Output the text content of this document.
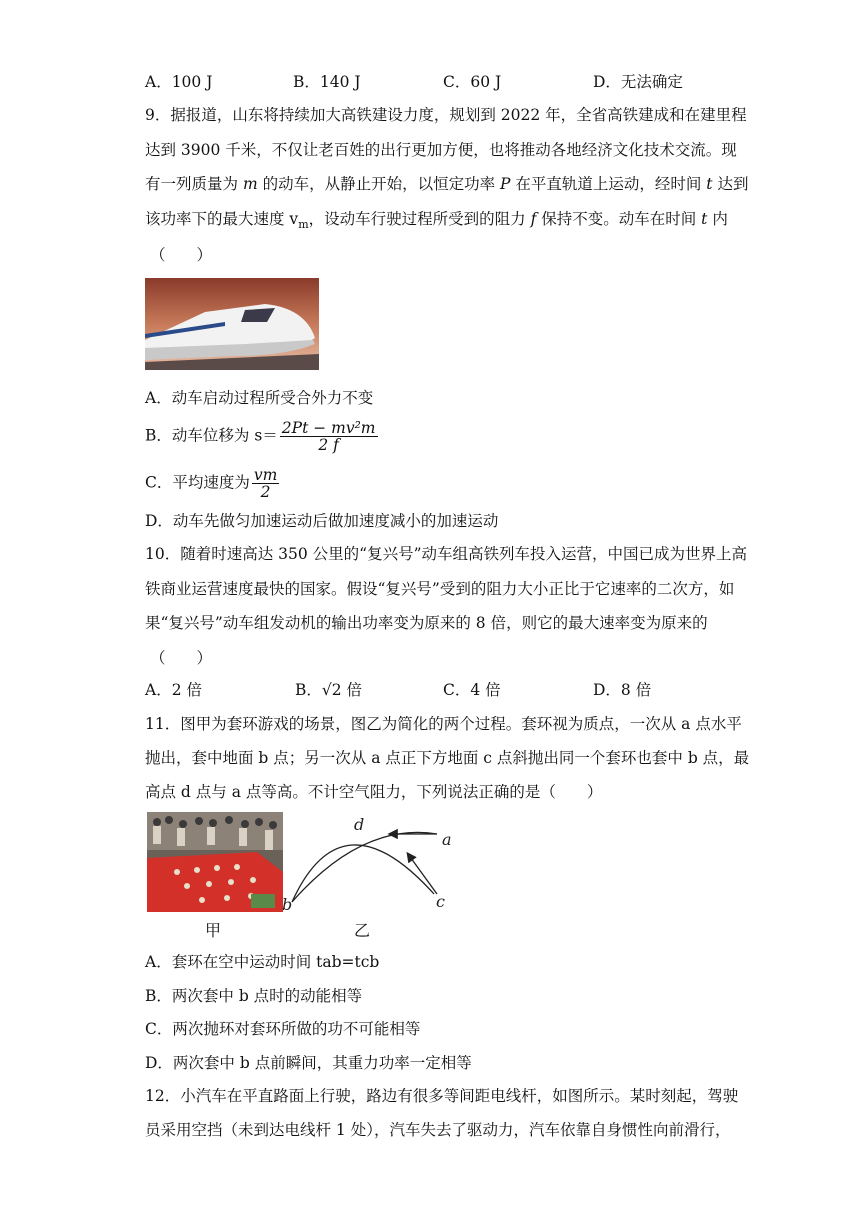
A．100 J	B．140 J	C．60 J	D．无法确定
9．据报道，山东将持续加大高铁建设力度，规划到 2022 年，全省高铁建成和在建里程
达到 3900 千米，不仅让老百姓的出行更加方便，也将推动各地经济文化技术交流。现
有一列质量为 m 的动车，从静止开始，以恒定功率 P 在平直轨道上运动，经时间 t 达到
该功率下的最大速度 $v_m$，设动车行驶过程所受到的阻力 f 保持不变。动车在时间 t 内
（　　）
A．动车启动过程所受合外力不变
B．动车位移为 $s= \frac{\text{2Pt − mv²m}}{2 f}$
C．平均速度为 $\frac{vm}{2}$
D．动车先做匀加速运动后做加速度减小的加速运动
10．随着时速高达 350 公里的“复兴号”动车组高铁列车投入运营，中国已成为世界上高
铁商业运营速度最快的国家。假设“复兴号”受到的阻力大小正比于它速率的二次方，如
果“复兴号”动车组发动机的输出功率变为原来的 8 倍，则它的最大速率变为原来的
（　　）
A．2 倍	B．√2 倍	C．4 倍	D．8 倍
11．图甲为套环游戏的场景，图乙为简化的两个过程。套环视为质点，一次从 a 点水平
抛出，套中地面 b 点；另一次从 a 点正下方地面 c 点斜抛出同一个套环也套中 b 点，最
高点 d 点与 a 点等高。不计空气阻力，下列说法正确的是（　　）
甲
d
a
b	c
乙
A．套环在空中运动时间 tab=tcb
B．两次套中 b 点时的动能相等
C．两次抛环对套环所做的功不可能相等
D．两次套中 b 点前瞬间，其重力功率一定相等
12．小汽车在平直路面上行驶，路边有很多等间距电线杆，如图所示。某时刻起，驾驶
员采用空挡（未到达电线杆 1 处），汽车失去了驱动力，汽车依靠自身惯性向前滑行，
